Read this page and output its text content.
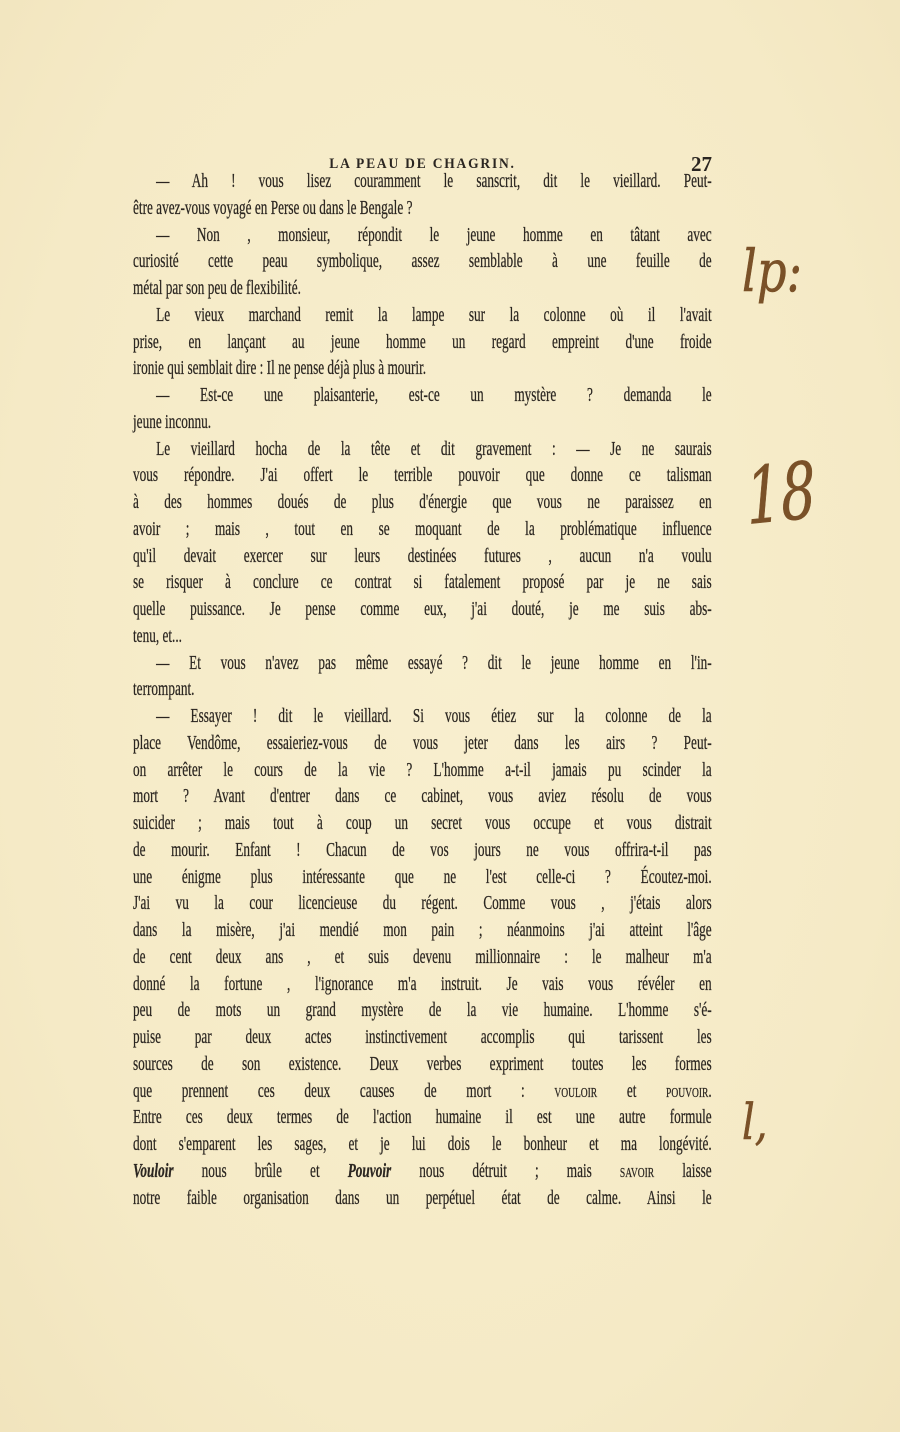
LA PEAU DE CHAGRIN.	27
— Ah ! vous lisez couramment le sanscrit, dit le vieillard. Peut-
être avez-vous voyagé en Perse ou dans le Bengale ?
— Non , monsieur, répondit le jeune homme en tâtant avec
curiosité cette peau symbolique, assez semblable à une feuille de
métal par son peu de flexibilité.
Le vieux marchand remit la lampe sur la colonne où il l'avait
prise, en lançant au jeune homme un regard empreint d'une froide
ironie qui semblait dire : Il ne pense déjà plus à mourir.
— Est-ce une plaisanterie, est-ce un mystère ? demanda le
jeune inconnu.
Le vieillard hocha de la tête et dit gravement : — Je ne saurais
vous répondre. J'ai offert le terrible pouvoir que donne ce talisman
à des hommes doués de plus d'énergie que vous ne paraissez en
avoir ; mais , tout en se moquant de la problématique influence
qu'il devait exercer sur leurs destinées futures , aucun n'a voulu
se risquer à conclure ce contrat si fatalement proposé par je ne sais
quelle puissance. Je pense comme eux, j'ai douté, je me suis abs-
tenu, et...
— Et vous n'avez pas même essayé ? dit le jeune homme en l'in-
terrompant.
— Essayer ! dit le vieillard. Si vous étiez sur la colonne de la
place Vendôme, essaieriez-vous de vous jeter dans les airs ? Peut-
on arrêter le cours de la vie ? L'homme a-t-il jamais pu scinder la
mort ? Avant d'entrer dans ce cabinet, vous aviez résolu de vous
suicider ; mais tout à coup un secret vous occupe et vous distrait
de mourir. Enfant ! Chacun de vos jours ne vous offrira-t-il pas
une énigme plus intéressante que ne l'est celle-ci ? Écoutez-moi.
J'ai vu la cour licencieuse du régent. Comme vous , j'étais alors
dans la misère, j'ai mendié mon pain ; néanmoins j'ai atteint l'âge
de cent deux ans , et suis devenu millionnaire : le malheur m'a
donné la fortune , l'ignorance m'a instruit. Je vais vous révéler en
peu de mots un grand mystère de la vie humaine. L'homme s'é-
puise par deux actes instinctivement accomplis qui tarissent les
sources de son existence. Deux verbes expriment toutes les formes
que prennent ces deux causes de mort : vouloir et pouvoir.
Entre ces deux termes de l'action humaine il est une autre formule
dont s'emparent les sages, et je lui dois le bonheur et ma longévité.
Vouloir nous brûle et Pouvoir nous détruit ; mais savoir laisse
notre faible organisation dans un perpétuel état de calme. Ainsi le
lp:
18
l,
